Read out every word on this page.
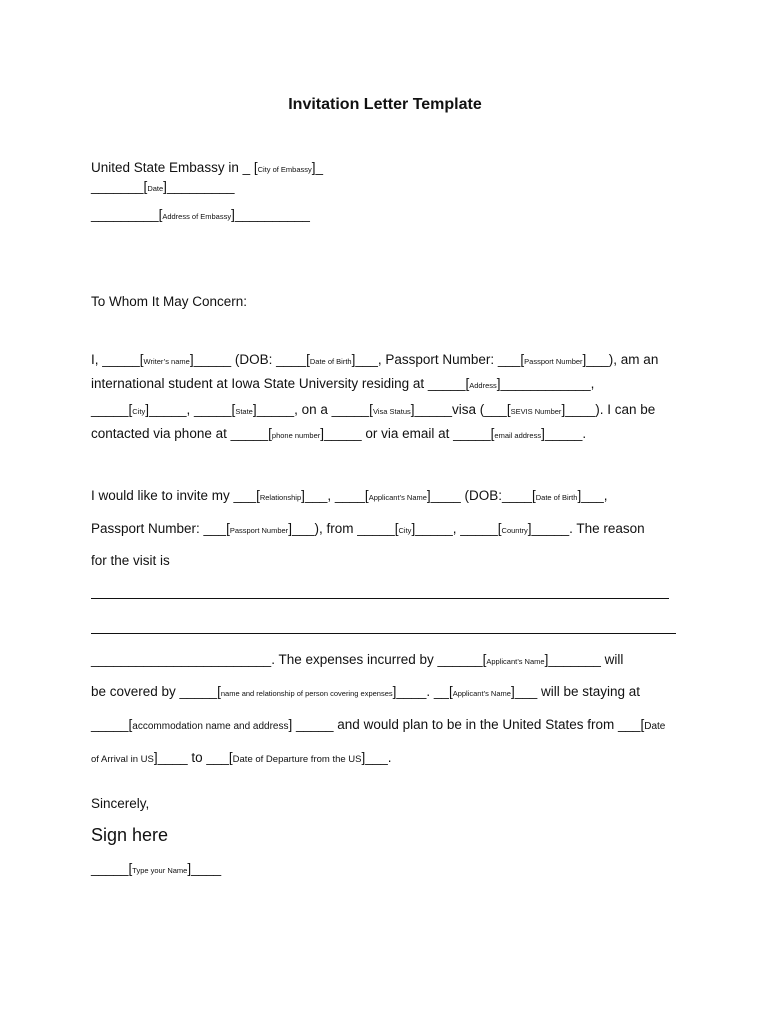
Invitation Letter Template
United State Embassy in _ [City of Embassy]_
_______[Date]_________
_________[Address of Embassy]__________
To Whom It May Concern:
I, _____[Writer’s name]_____ (DOB: ____[Date of Birth]___, Passport Number: ___[Passport Number]___), am an
international student at Iowa State University residing at _____[Address]____________,
_____[City]_____, _____[State]_____, on a _____[Visa Status]_____visa (___[SEVIS Number]____). I can be
contacted via phone at _____[phone number]_____ or via email at _____[email address]_____.
I would like to invite my ___[Relationship]___, ____[Applicant’s Name]____ (DOB:____[Date of Birth]___,
Passport Number: ___[Passport Number]___), from _____[City]_____, _____[Country]_____. The reason
for the visit is
________________________. The expenses incurred by ______[Applicant’s Name]_______ will
be covered by _____[name and relationship of person covering expenses]____. __[Applicant’s Name]___ will be staying at
_____[accommodation name and address] _____ and would plan to be in the United States from ___[Date
of Arrival in US]____ to ___[Date of Departure from the US]___.
Sincerely,
Sign here
_____[Type your Name]____
